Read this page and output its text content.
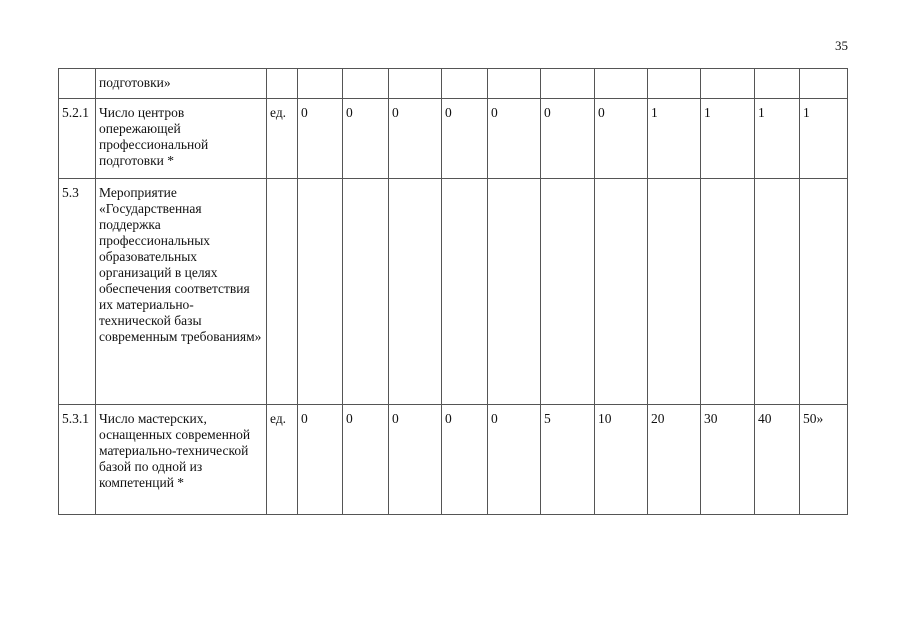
35
	подготовки»												
5.2.1	Число центров опережающей профессиональной подготовки *	ед.	0	0	0	0	0	0	0	1	1	1	1
5.3	Мероприятие «Государственная поддержка профессиональных образовательных организаций в целях обеспечения соответствия их материально-технической базы современным требованиям»												
5.3.1	Число мастерских, оснащенных современной материально-технической базой по одной из компетенций *	ед.	0	0	0	0	0	5	10	20	30	40	50»
